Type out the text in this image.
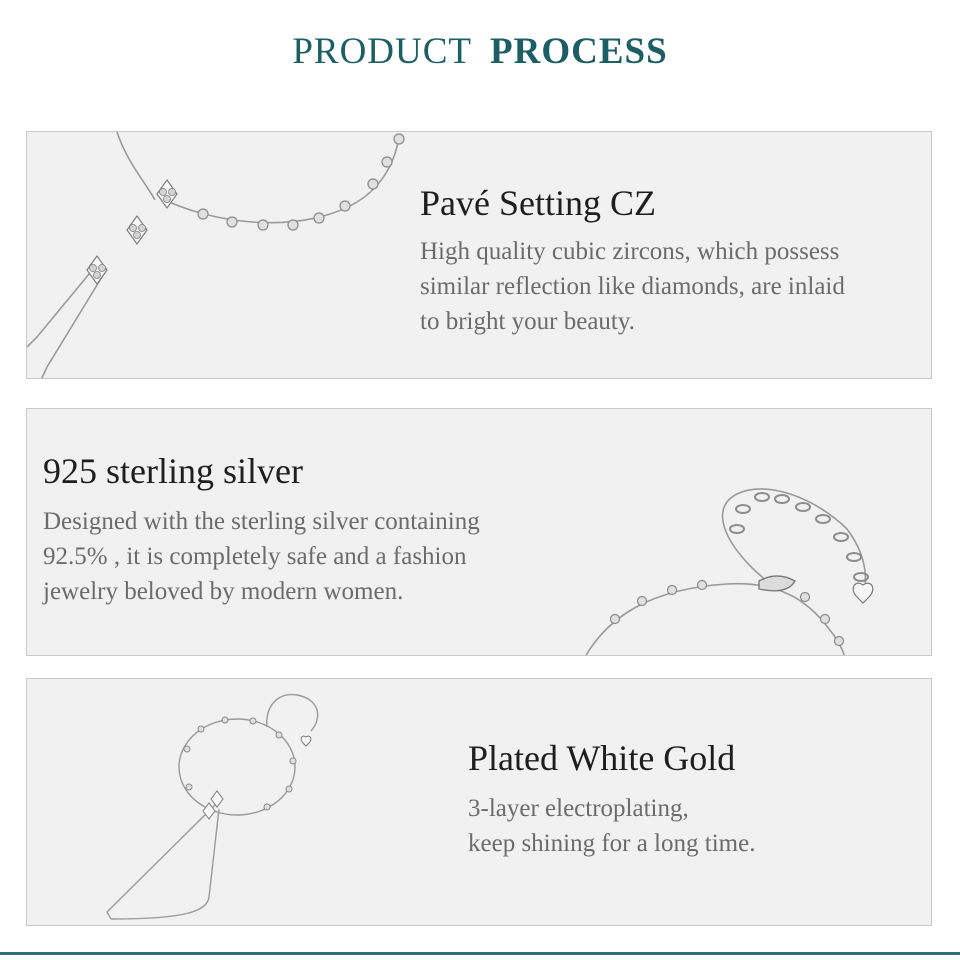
PRODUCT PROCESS
Pavé Setting CZ
High quality cubic zircons, which possess
similar reflection like diamonds, are inlaid
to bright your beauty.
925 sterling silver
Designed with the sterling silver containing
92.5% , it is completely safe and a fashion
jewelry beloved by modern women.
Plated White Gold
3-layer electroplating,
keep shining for a long time.
